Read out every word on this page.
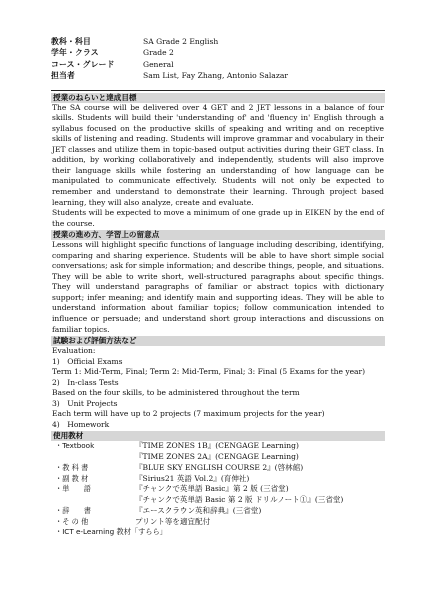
教科・科目	SA Grade 2 English
学年・クラス	Grade 2
コース・グレード	General
担当者	Sam List, Fay Zhang, Antonio Salazar
授業のねらいと達成目標

The SA course will be delivered over 4 GET and 2 JET lessons in a balance of four skills. Students will build their 'understanding of' and 'fluency in' English through a syllabus focused on the productive skills of speaking and writing and on receptive skills of listening and reading. Students will improve grammar and vocabulary in their JET classes and utilize them in topic-based output activities during their GET class. In addition, by working collaboratively and independently, students will also improve their language skills while fostering an understanding of how language can be manipulated to communicate effectively. Students will not only be expected to remember and understand to demonstrate their learning. Through project based learning, they will also analyze, create and evaluate.

Students will be expected to move a minimum of one grade up in EIKEN by the end of the course.

授業の進め方、学習上の留意点

Lessons will highlight specific functions of language including describing, identifying, comparing and sharing experience. Students will be able to have short simple social conversations; ask for simple information; and describe things, people, and situations. They will be able to write short, well-structured paragraphs about specific things. They will understand paragraphs of familiar or abstract topics with dictionary support; infer meaning; and identify main and supporting ideas. They will be able to understand information about familiar topics; follow communication intended to influence or persuade; and understand short group interactions and discussions on familiar topics.

試験および評価方法など
Evaluation:
1)　Official Exams
Term 1: Mid-Term, Final; Term 2: Mid-Term, Final; 3: Final (5 Exams for the year)
2)　In-class Tests
Based on the four skills, to be administered throughout the term
3)　Unit Projects
Each term will have up to 2 projects (7 maximum projects for the year)
4)　Homework
使用教材
・Textbook	『TIME ZONES 1B』(CENGAGE Learning)
『TIME ZONES 2A』(CENGAGE Learning)
・教 科 書	『BLUE SKY ENGLISH COURSE 2』(啓林館)
・副 教 材	『Sirius21 英語 Vol.2』(育伸社)
・単　　語	『チャンクで英単語 Basic』第 2 版 (三省堂)
『チャンクで英単語 Basic 第 2 版 ドリルノート①』(三省堂)
・辞　　書	『エースクラウン英和辞典』(三省堂)
・そ の 他	プリント等を適宜配付
・ICT e-Learning 教材「すらら」
